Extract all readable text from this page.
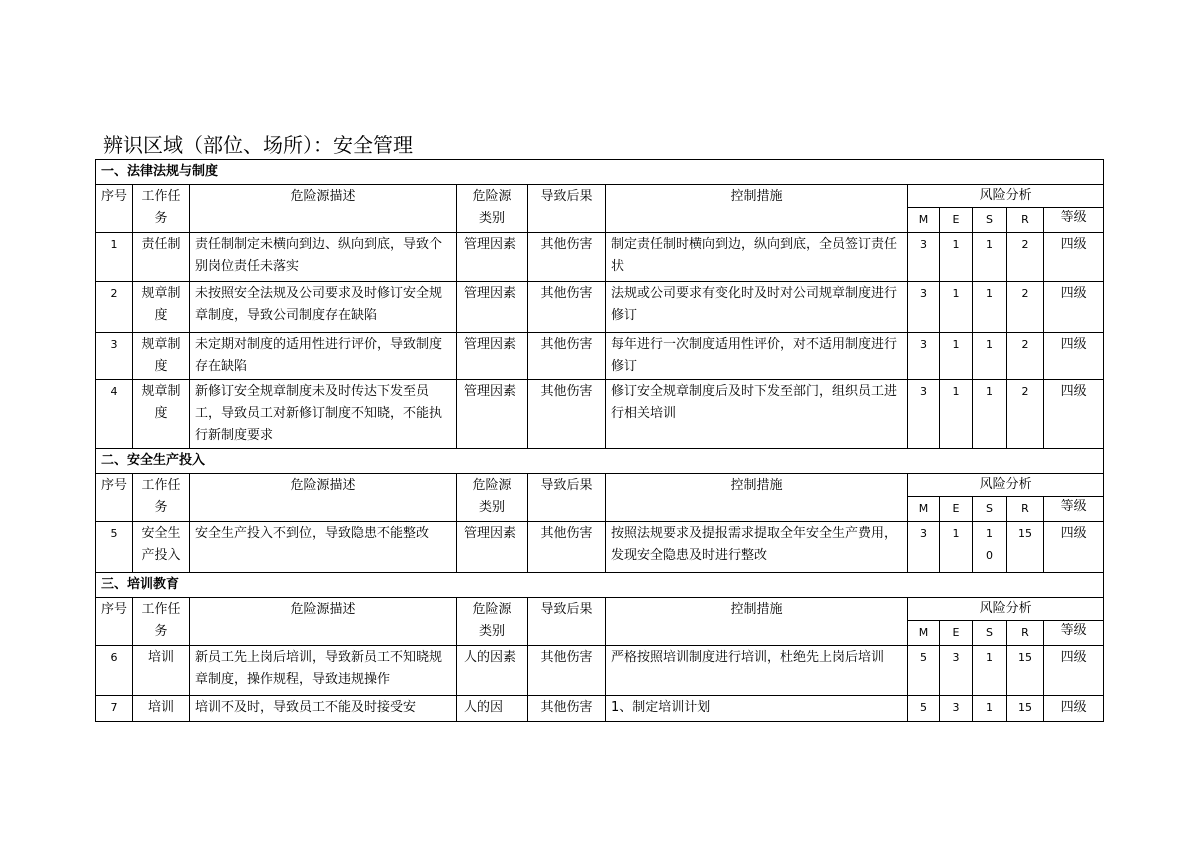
辨识区域（部位、场所）：安全管理
一、法律法规与制度										
序号	工作任务	危险源描述	危险源类别	导致后果	控制措施	风险分析				
						M	E	S	R	等级
1	责任制	责任制制定未横向到边、纵向到底，导致个别岗位责任未落实	管理因素	其他伤害	制定责任制时横向到边，纵向到底，全员签订责任状	3	1	1	2	四级
2	规章制度	未按照安全法规及公司要求及时修订安全规章制度，导致公司制度存在缺陷	管理因素	其他伤害	法规或公司要求有变化时及时对公司规章制度进行修订	3	1	1	2	四级
3	规章制度	未定期对制度的适用性进行评价，导致制度存在缺陷	管理因素	其他伤害	每年进行一次制度适用性评价，对不适用制度进行修订	3	1	1	2	四级
4	规章制度	新修订安全规章制度未及时传达下发至员工，导致员工对新修订制度不知晓，不能执行新制度要求	管理因素	其他伤害	修订安全规章制度后及时下发至部门，组织员工进行相关培训	3	1	1	2	四级
二、安全生产投入										
序号	工作任务	危险源描述	危险源类别	导致后果	控制措施	风险分析				
						M	E	S	R	等级
5	安全生产投入	安全生产投入不到位，导致隐患不能整改	管理因素	其他伤害	按照法规要求及提报需求提取全年安全生产费用，发现安全隐患及时进行整改	3	1	10	15	四级
三、培训教育										
序号	工作任务	危险源描述	危险源类别	导致后果	控制措施	风险分析				
						M	E	S	R	等级
6	培训	新员工先上岗后培训，导致新员工不知晓规章制度，操作规程，导致违规操作	人的因素	其他伤害	严格按照培训制度进行培训，杜绝先上岗后培训	5	3	1	15	四级
7	培训	培训不及时，导致员工不能及时接受安	人的因	其他伤害	1、制定培训计划	5	3	1	15	四级
